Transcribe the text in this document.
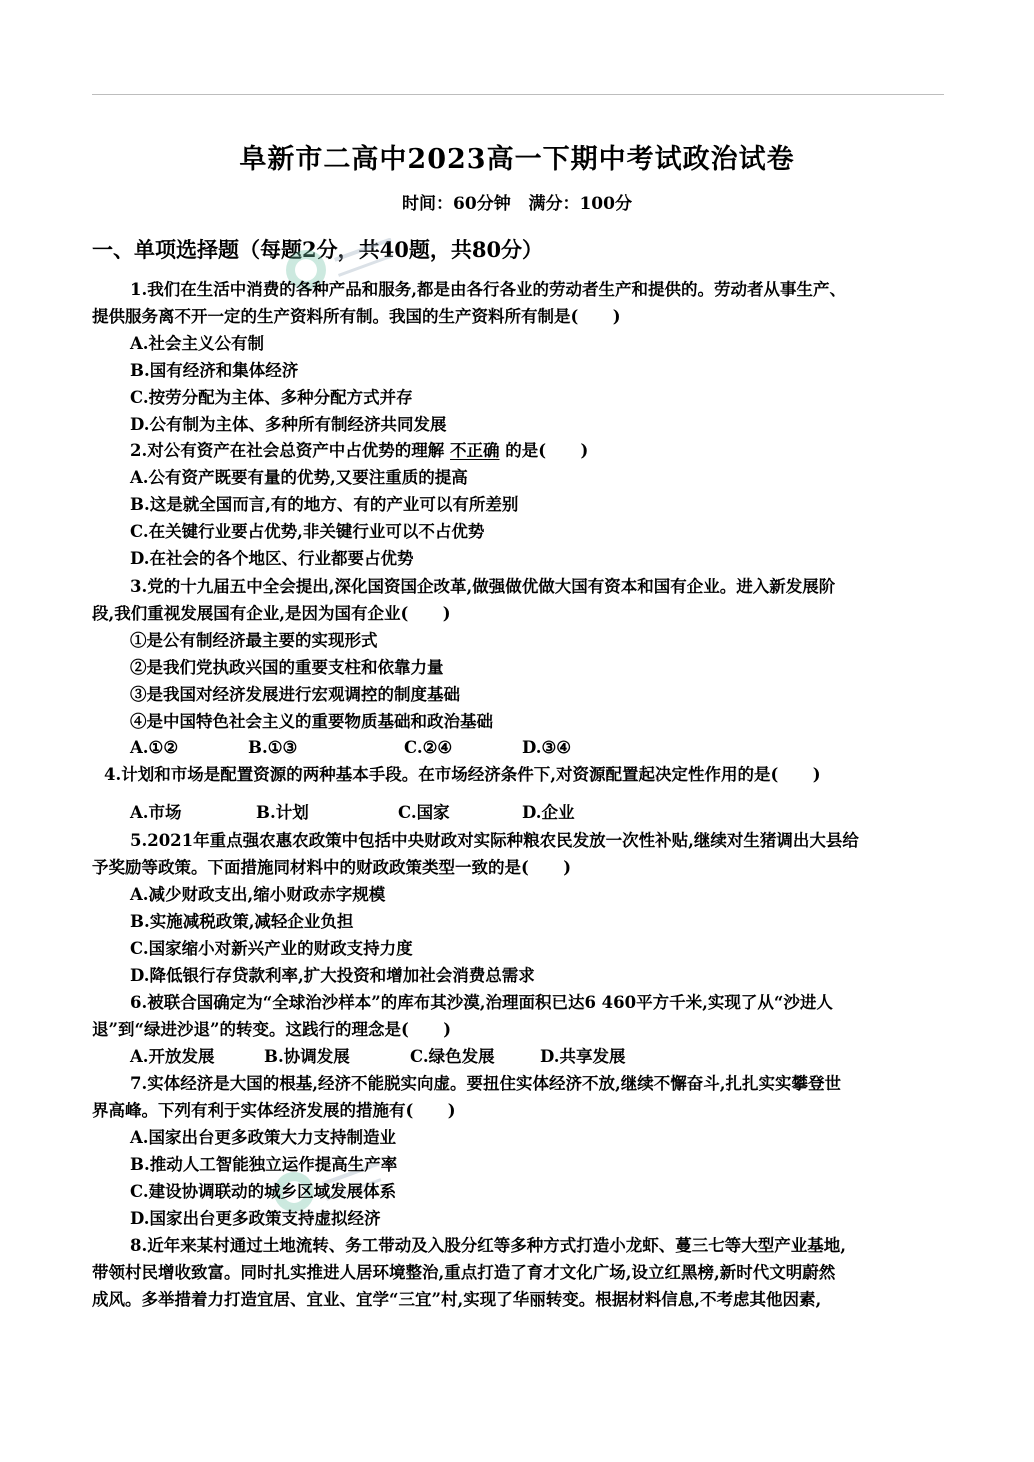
阜新市二高中2023高一下期中考试政治试卷
时间：60分钟   满分：100分
一、单项选择题（每题2分，共40题，共80分）
1.我们在生活中消费的各种产品和服务,都是由各行各业的劳动者生产和提供的。劳动者从事生产、
提供服务离不开一定的生产资料所有制。我国的生产资料所有制是(      )
A.社会主义公有制
B.国有经济和集体经济
C.按劳分配为主体、多种分配方式并存
D.公有制为主体、多种所有制经济共同发展
2.对公有资产在社会总资产中占优势的理解 不正确 的是(      )
A.公有资产既要有量的优势,又要注重质的提高
B.这是就全国而言,有的地方、有的产业可以有所差别
C.在关键行业要占优势,非关键行业可以不占优势
D.在社会的各个地区、行业都要占优势
3.党的十九届五中全会提出,深化国资国企改革,做强做优做大国有资本和国有企业。进入新发展阶
段,我们重视发展国有企业,是因为国有企业(      )
①是公有制经济最主要的实现形式
②是我们党执政兴国的重要支柱和依靠力量
③是我国对经济发展进行宏观调控的制度基础
④是中国特色社会主义的重要物质基础和政治基础
A.①②	B.①③	C.②④	D.③④
4.计划和市场是配置资源的两种基本手段。在市场经济条件下,对资源配置起决定性作用的是(      )
A.市场	B.计划	C.国家	D.企业
5.2021年重点强农惠农政策中包括中央财政对实际种粮农民发放一次性补贴,继续对生猪调出大县给
予奖励等政策。下面措施同材料中的财政政策类型一致的是(      )
A.减少财政支出,缩小财政赤字规模
B.实施减税政策,减轻企业负担
C.国家缩小对新兴产业的财政支持力度
D.降低银行存贷款利率,扩大投资和增加社会消费总需求
6.被联合国确定为“全球治沙样本”的库布其沙漠,治理面积已达6 460平方千米,实现了从“沙进人
退”到“绿进沙退”的转变。这践行的理念是(      )
A.开放发展	B.协调发展	C.绿色发展	D.共享发展
7.实体经济是大国的根基,经济不能脱实向虚。要扭住实体经济不放,继续不懈奋斗,扎扎实实攀登世
界高峰。下列有利于实体经济发展的措施有(      )
A.国家出台更多政策大力支持制造业
B.推动人工智能独立运作提高生产率
C.建设协调联动的城乡区域发展体系
D.国家出台更多政策支持虚拟经济
8.近年来某村通过土地流转、务工带动及入股分红等多种方式打造小龙虾、蔓三七等大型产业基地,
带领村民增收致富。同时扎实推进人居环境整治,重点打造了育才文化广场,设立红黑榜,新时代文明蔚然
成风。多举措着力打造宜居、宜业、宜学“三宜”村,实现了华丽转变。根据材料信息,不考虑其他因素,
